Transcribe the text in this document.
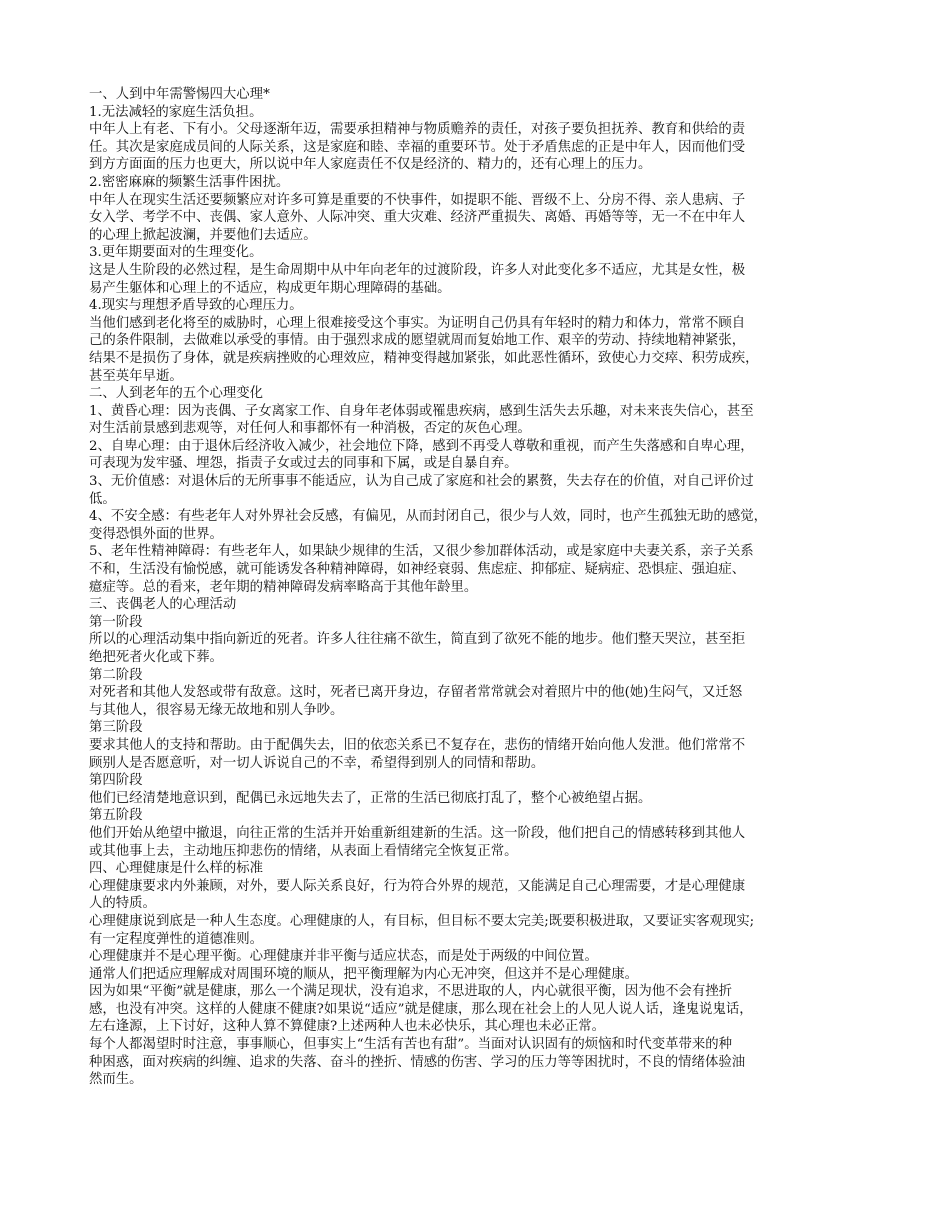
一、人到中年需警惕四大心理*

1.无法减轻的家庭生活负担。

中年人上有老、下有小。父母逐渐年迈，需要承担精神与物质赡养的责任，对孩子要负担抚养、教育和供给的责

任。其次是家庭成员间的人际关系，这是家庭和睦、幸福的重要环节。处于矛盾焦虑的正是中年人，因而他们受

到方方面面的压力也更大，所以说中年人家庭责任不仅是经济的、精力的，还有心理上的压力。

2.密密麻麻的频繁生活事件困扰。

中年人在现实生活还要频繁应对许多可算是重要的不快事件，如提职不能、晋级不上、分房不得、亲人患病、子

女入学、考学不中、丧偶、家人意外、人际冲突、重大灾难、经济严重损失、离婚、再婚等等，无一不在中年人

的心理上掀起波澜，并要他们去适应。

3.更年期要面对的生理变化。

这是人生阶段的必然过程，是生命周期中从中年向老年的过渡阶段，许多人对此变化多不适应，尤其是女性，极

易产生躯体和心理上的不适应，构成更年期心理障碍的基础。

4.现实与理想矛盾导致的心理压力。

当他们感到老化将至的威胁时，心理上很难接受这个事实。为证明自己仍具有年轻时的精力和体力，常常不顾自

己的条件限制，去做难以承受的事情。由于强烈求成的愿望就周而复始地工作、艰辛的劳动、持续地精神紧张，

结果不是损伤了身体，就是疾病挫败的心理效应，精神变得越加紧张，如此恶性循环，致使心力交瘁、积劳成疾，

甚至英年早逝。

二、人到老年的五个心理变化

1、黄昏心理：因为丧偶、子女离家工作、自身年老体弱或罹患疾病，感到生活失去乐趣，对未来丧失信心，甚至

对生活前景感到悲观等，对任何人和事都怀有一种消极，否定的灰色心理。

2、自卑心理：由于退休后经济收入减少，社会地位下降，感到不再受人尊敬和重视，而产生失落感和自卑心理，

可表现为发牢骚、埋怨，指责子女或过去的同事和下属，或是自暴自弃。

3、无价值感：对退休后的无所事事不能适应，认为自己成了家庭和社会的累赘，失去存在的价值，对自己评价过

低。

4、不安全感：有些老年人对外界社会反感，有偏见，从而封闭自己，很少与人效，同时，也产生孤独无助的感觉，

变得恐惧外面的世界。

5、老年性精神障碍：有些老年人，如果缺少规律的生活，又很少参加群体活动，或是家庭中夫妻关系，亲子关系

不和，生活没有愉悦感，就可能诱发各种精神障碍，如神经衰弱、焦虑症、抑郁症、疑病症、恐惧症、强迫症、

癔症等。总的看来，老年期的精神障碍发病率略高于其他年龄里。

三、丧偶老人的心理活动

第一阶段

所以的心理活动集中指向新近的死者。许多人往往痛不欲生，简直到了欲死不能的地步。他们整天哭泣，甚至拒

绝把死者火化或下葬。

第二阶段

对死者和其他人发怒或带有敌意。这时，死者已离开身边，存留者常常就会对着照片中的他(她)生闷气，又迁怒

与其他人，很容易无缘无故地和别人争吵。

第三阶段

要求其他人的支持和帮助。由于配偶失去，旧的依恋关系已不复存在，悲伤的情绪开始向他人发泄。他们常常不

顾别人是否愿意听，对一切人诉说自己的不幸，希望得到别人的同情和帮助。

第四阶段

他们已经清楚地意识到，配偶已永远地失去了，正常的生活已彻底打乱了，整个心被绝望占据。

第五阶段

他们开始从绝望中撤退，向往正常的生活并开始重新组建新的生活。这一阶段，他们把自己的情感转移到其他人

或其他事上去，主动地压抑悲伤的情绪，从表面上看情绪完全恢复正常。

四、心理健康是什么样的标准

心理健康要求内外兼顾，对外，要人际关系良好，行为符合外界的规范，又能满足自己心理需要，才是心理健康

人的特质。

心理健康说到底是一种人生态度。心理健康的人，有目标，但目标不要太完美;既要积极进取，又要证实客观现实;

有一定程度弹性的道德准则。

心理健康并不是心理平衡。心理健康并非平衡与适应状态，而是处于两级的中间位置。

通常人们把适应理解成对周围环境的顺从，把平衡理解为内心无冲突，但这并不是心理健康。

因为如果“平衡”就是健康，那么一个满足现状，没有追求，不思进取的人，内心就很平衡，因为他不会有挫折

感，也没有冲突。这样的人健康不健康?如果说“适应”就是健康，那么现在社会上的人见人说人话，逢鬼说鬼话，

左右逢源，上下讨好，这种人算不算健康?上述两种人也未必快乐，其心理也未必正常。

每个人都渴望时时注意，事事顺心，但事实上“生活有苦也有甜”。当面对认识固有的烦恼和时代变革带来的种

种困惑，面对疾病的纠缠、追求的失落、奋斗的挫折、情感的伤害、学习的压力等等困扰时，不良的情绪体验油

然而生。
